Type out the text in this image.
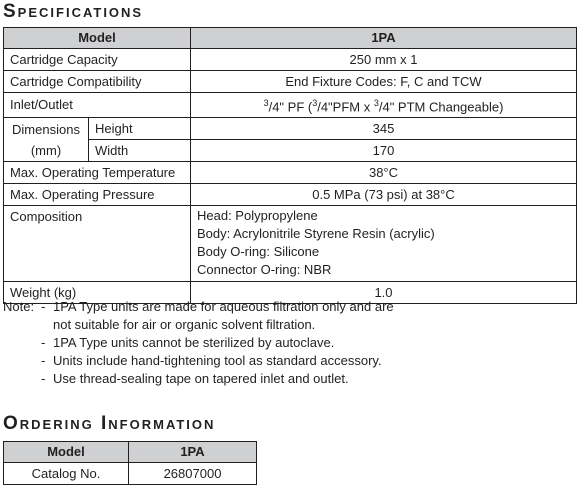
Specifications
Model		1PA
Cartridge Capacity		250 mm x 1
Cartridge Compatibility		End Fixture Codes: F, C and TCW
Inlet/Outlet		$^3$/4" PF ($^3$/4"PFM x $^3$/4" PTM Changeable)

Dimensions
(mm)	Height	345
	Width	170
Max. Operating Temperature		38°C
Max. Operating Pressure		0.5 MPa (73 psi) at 38°C
Composition		Head: Polypropylene
Body: Acrylonitrile Styrene Resin (acrylic)
Body O-ring: Silicone
Connector O-ring: NBR

Weight (kg)		1.0
Note: - 1PA Type units are made for aqueous filtration only and are
not suitable for air or organic solvent filtration.
- 1PA Type units cannot be sterilized by autoclave.
- Units include hand-tightening tool as standard accessory.
- Use thread-sealing tape on tapered inlet and outlet.
Ordering Information
Model	1PA
Catalog No.	26807000
